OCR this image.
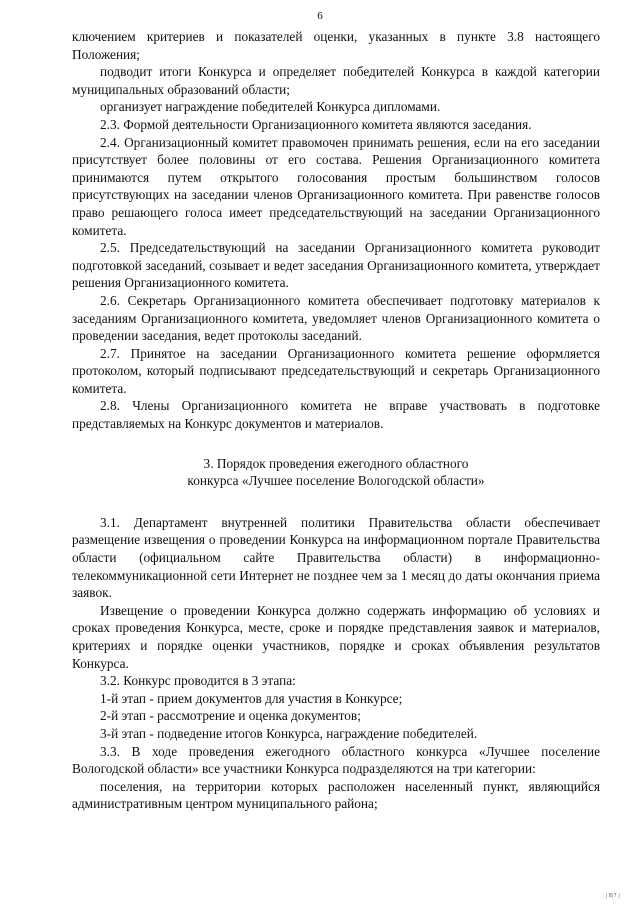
6

ключением критериев и показателей оценки, указанных в пункте 3.8 настоящего Положения;

подводит итоги Конкурса и определяет победителей Конкурса в каждой категории муниципальных образований области;

организует награждение победителей Конкурса дипломами.

2.3. Формой деятельности Организационного комитета являются заседания.

2.4. Организационный комитет правомочен принимать решения, если на его заседании присутствует более половины от его состава. Решения Организационного комитета принимаются путем открытого голосования простым большинством голосов присутствующих на заседании членов Организационного комитета. При равенстве голосов право решающего голоса имеет председательствующий на заседании Организационного комитета.

2.5. Председательствующий на заседании Организационного комитета руководит подготовкой заседаний, созывает и ведет заседания Организационного комитета, утверждает решения Организационного комитета.

2.6. Секретарь Организационного комитета обеспечивает подготовку материалов к заседаниям Организационного комитета, уведомляет членов Организационного комитета о проведении заседания, ведет протоколы заседаний.

2.7. Принятое на заседании Организационного комитета решение оформляется протоколом, который подписывают председательствующий и секретарь Организационного комитета.

2.8. Члены Организационного комитета не вправе участвовать в подготовке представляемых на Конкурс документов и материалов.

3. Порядок проведения ежегодного областного
конкурса «Лучшее поселение Вологодской области»

3.1. Департамент внутренней политики Правительства области обеспечивает размещение извещения о проведении Конкурса на информационном портале Правительства области (официальном сайте Правительства области) в информационно-телекоммуникационной сети Интернет не позднее чем за 1 месяц до даты окончания приема заявок.

Извещение о проведении Конкурса должно содержать информацию об условиях и сроках проведения Конкурса, месте, сроке и порядке представления заявок и материалов, критериях и порядке оценки участников, порядке и сроках объявления результатов Конкурса.

3.2. Конкурс проводится в 3 этапа:

1-й этап - прием документов для участия в Конкурсе;

2-й этап - рассмотрение и оценка документов;

3-й этап - подведение итогов Конкурса, награждение победителей.

3.3. В ходе проведения ежегодного областного конкурса «Лучшее поселение Вологодской области» все участники Конкурса подразделяются на три категории:

поселения, на территории которых расположен населенный пункт, являющийся административным центром муниципального района;

| 8|7 |
